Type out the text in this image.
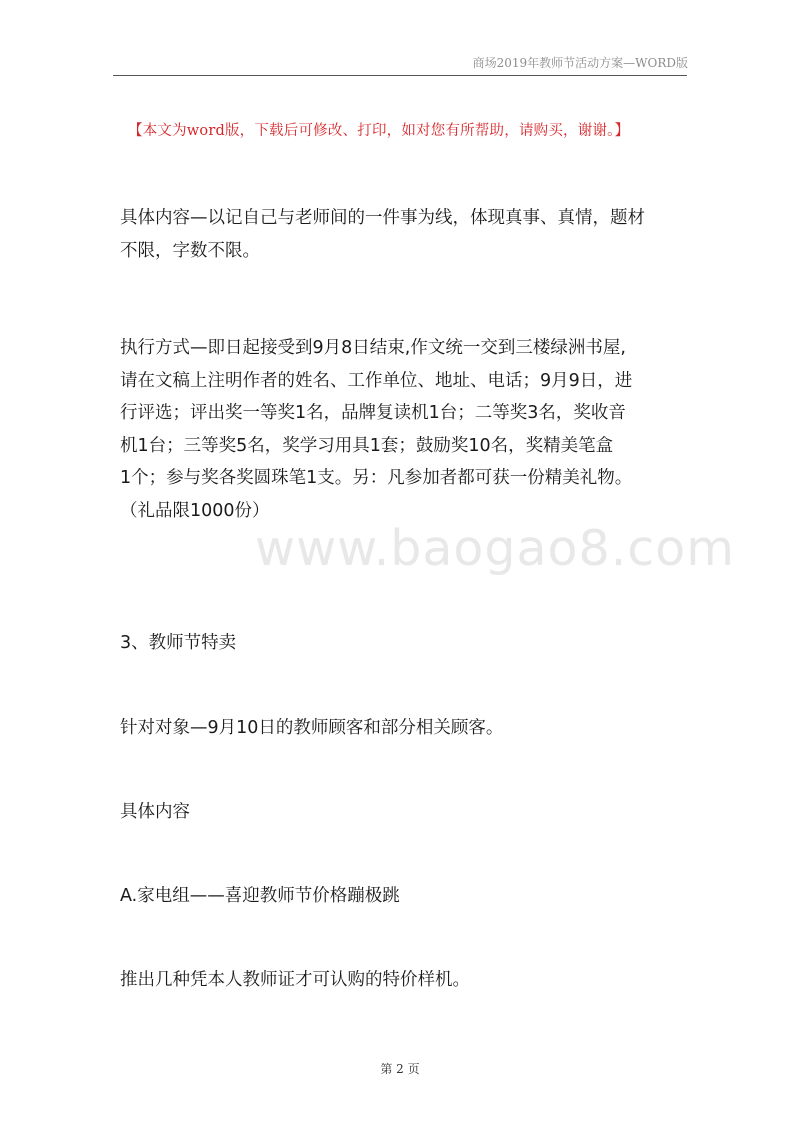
商场2019年教师节活动方案—WORD版
【本文为word版，下载后可修改、打印，如对您有所帮助，请购买，谢谢。】
www.baogao8.com
具体内容—以记自己与老师间的一件事为线，体现真事、真情，题材
不限，字数不限。
执行方式—即日起接受到9月8日结束,作文统一交到三楼绿洲书屋,
请在文稿上注明作者的姓名、工作单位、地址、电话；9月9日，进
行评选；评出奖一等奖1名，品牌复读机1台；二等奖3名，奖收音
机1台；三等奖5名，奖学习用具1套；鼓励奖10名，奖精美笔盒
1个；参与奖各奖圆珠笔1支。另：凡参加者都可获一份精美礼物。
（礼品限1000份）
3、教师节特卖
针对对象—9月10日的教师顾客和部分相关顾客。
具体内容
A.家电组——喜迎教师节价格蹦极跳
推出几种凭本人教师证才可认购的特价样机。
第 2 页
